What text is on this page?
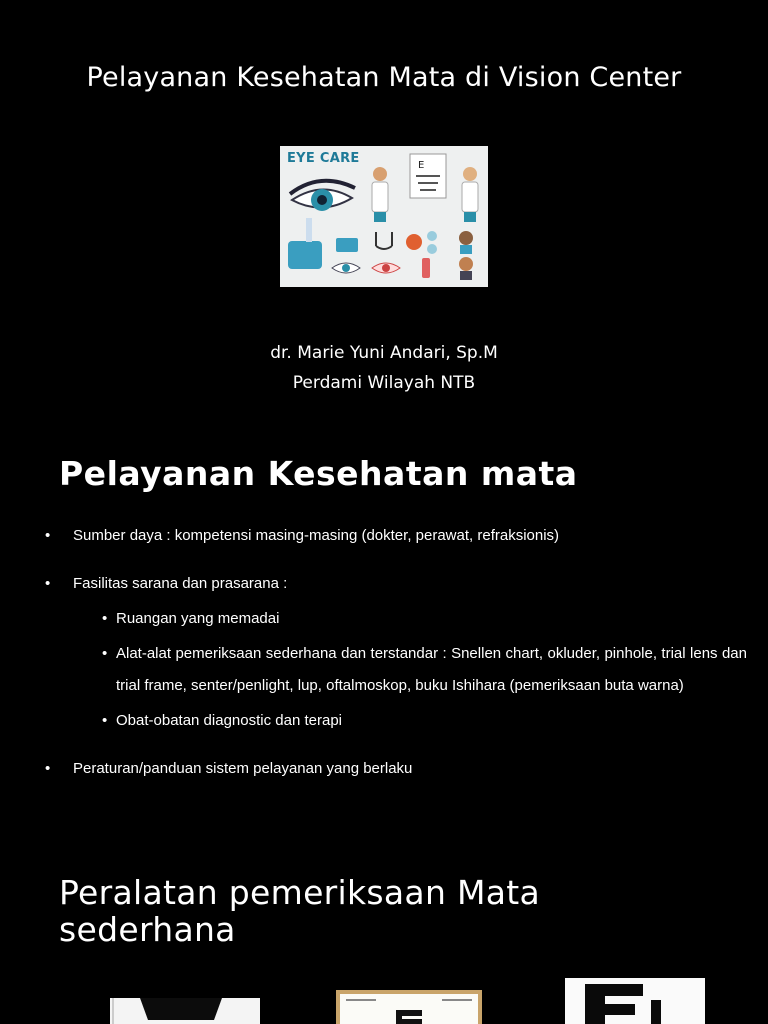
Pelayanan Kesehatan Mata di Vision Center
EYE CARE	E
dr. Marie Yuni Andari, Sp.M
Perdami Wilayah NTB
Pelayanan Kesehatan mata
• Sumber daya : kompetensi masing-masing (dokter, perawat, refraksionis)
• Fasilitas sarana dan prasarana :
• Ruangan yang memadai
• Alat-alat pemeriksaan sederhana dan terstandar : Snellen chart, okluder, pinhole, trial lens dan trial frame, senter/penlight, lup, oftalmoskop, buku Ishihara (pemeriksaan buta warna)
• Obat-obatan diagnostic dan terapi
• Peraturan/panduan sistem pelayanan yang berlaku
Peralatan pemeriksaan Mata sederhana
